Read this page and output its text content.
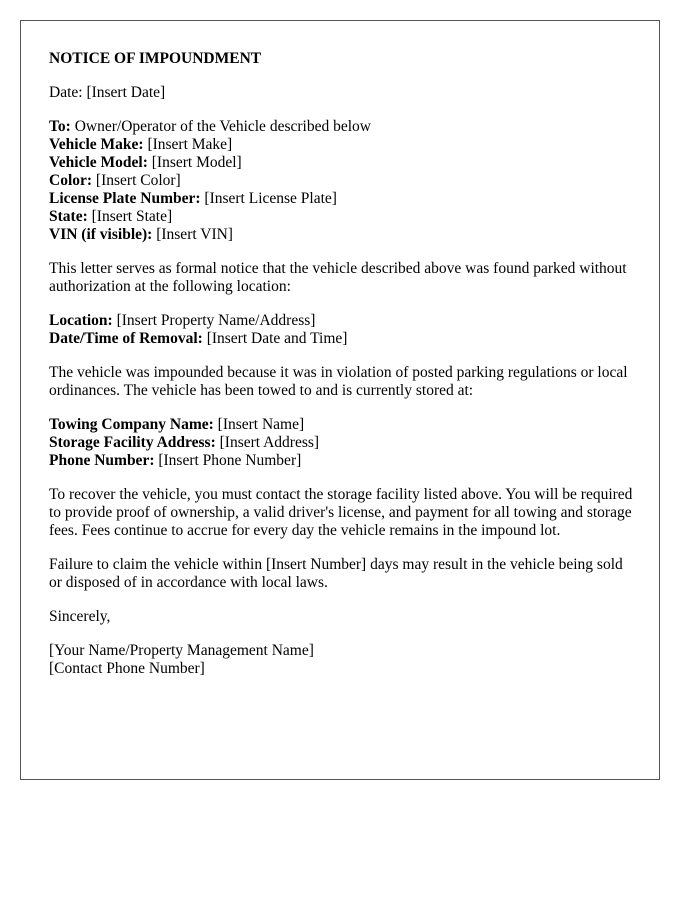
NOTICE OF IMPOUNDMENT
Date: [Insert Date]
To: Owner/Operator of the Vehicle described below
Vehicle Make: [Insert Make]
Vehicle Model: [Insert Model]
Color: [Insert Color]
License Plate Number: [Insert License Plate]
State: [Insert State]
VIN (if visible): [Insert VIN]
This letter serves as formal notice that the vehicle described above was found parked without authorization at the following location:
Location: [Insert Property Name/Address]
Date/Time of Removal: [Insert Date and Time]
The vehicle was impounded because it was in violation of posted parking regulations or local ordinances. The vehicle has been towed to and is currently stored at:
Towing Company Name: [Insert Name]
Storage Facility Address: [Insert Address]
Phone Number: [Insert Phone Number]
To recover the vehicle, you must contact the storage facility listed above. You will be required to provide proof of ownership, a valid driver's license, and payment for all towing and storage fees. Fees continue to accrue for every day the vehicle remains in the impound lot.
Failure to claim the vehicle within [Insert Number] days may result in the vehicle being sold or disposed of in accordance with local laws.
Sincerely,
[Your Name/Property Management Name]
[Contact Phone Number]
